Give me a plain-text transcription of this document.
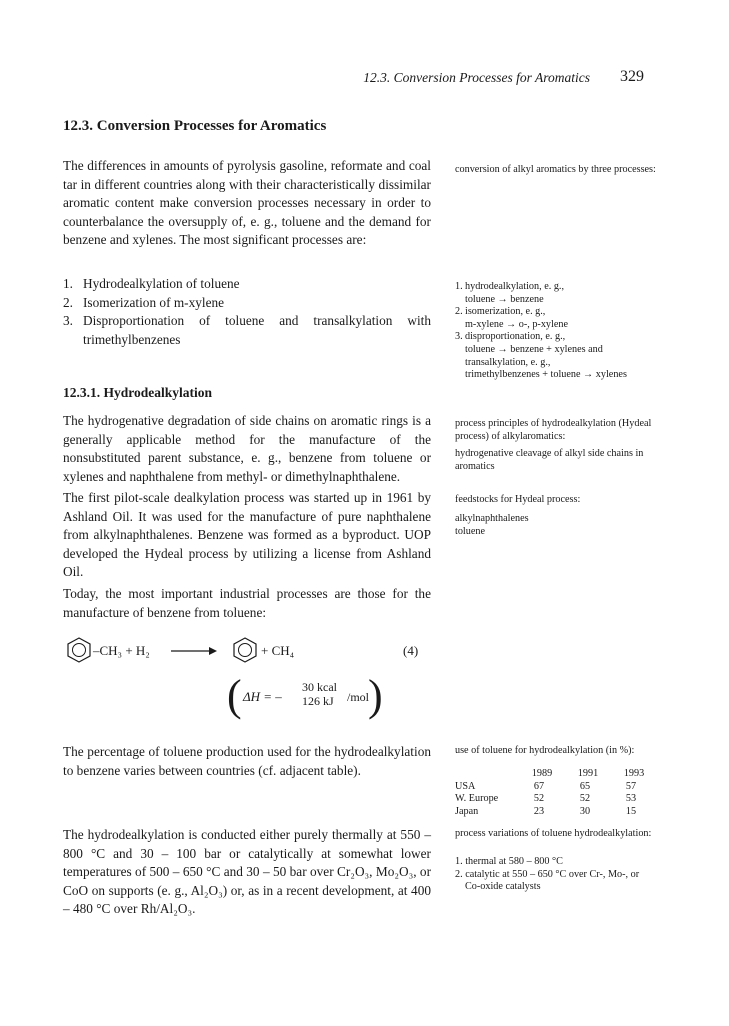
12.3. Conversion Processes for Aromatics 329
12.3. Conversion Processes for Aromatics

The differences in amounts of pyrolysis gasoline, reformate and coal tar in different countries along with their characteristically dissimilar aromatic content make conversion processes necessary in order to counterbalance the oversupply of, e. g., toluene and the demand for benzene and xylenes. The most significant processes are:

1. Hydrodealkylation of toluene
2. Isomerization of m-xylene
3. Disproportionation of toluene and transalkylation with trimethylbenzenes
12.3.1. Hydrodealkylation

The hydrogenative degradation of side chains on aromatic rings is a generally applicable method for the manufacture of the nonsubstituted parent substance, e. g., benzene from toluene or xylenes and naphthalene from methyl- or dimethylnaphthalene.

The first pilot-scale dealkylation process was started up in 1961 by Ashland Oil. It was used for the manufacture of pure naphthalene from alkylnaphthalenes. Benzene was formed as a byproduct. UOP developed the Hydeal process by utilizing a license from Ashland Oil.

Today, the most important industrial processes are those for the manufacture of benzene from toluene:

–CH₃ + H₂	+ CH₄	(4)
( ΔH = –
30 kcal
126 kJ /mol
)

The percentage of toluene production used for the hydrodealkylation to benzene varies between countries (cf. adjacent table).

The hydrodealkylation is conducted either purely thermally at 550 – 800 °C and 30 – 100 bar or catalytically at somewhat lower temperatures of 500 – 650 °C and 30 – 50 bar over Cr₂O₃, Mo₂O₃, or CoO on supports (e. g., Al₂O₃) or, as in a recent development, at 400 – 480 °C over Rh/Al₂O₃.

conversion of alkyl aromatics by three processes:

1. hydrodealkylation, e. g.,
toluene → benzene
2. isomerization, e. g.,
m-xylene → o-, p-xylene
3. disproportionation, e. g.,
toluene → benzene + xylenes and
transalkylation, e. g.,
trimethylbenzenes + toluene → xylenes

process principles of hydrodealkylation (Hydeal process) of alkylaromatics:

hydrogenative cleavage of alkyl side chains in aromatics

feedstocks for Hydeal process:

alkylnaphthalenes

toluene

use of toluene for hydrodealkylation (in %):

	1989	1991	1993
USA	67	65	57
W. Europe	52	52	53
Japan	23	30	15

process variations of toluene hydrodealkylation:

1. thermal at 580 – 800 °C

2. catalytic at 550 – 650 °C over Cr-, Mo-, or

Co-oxide catalysts
